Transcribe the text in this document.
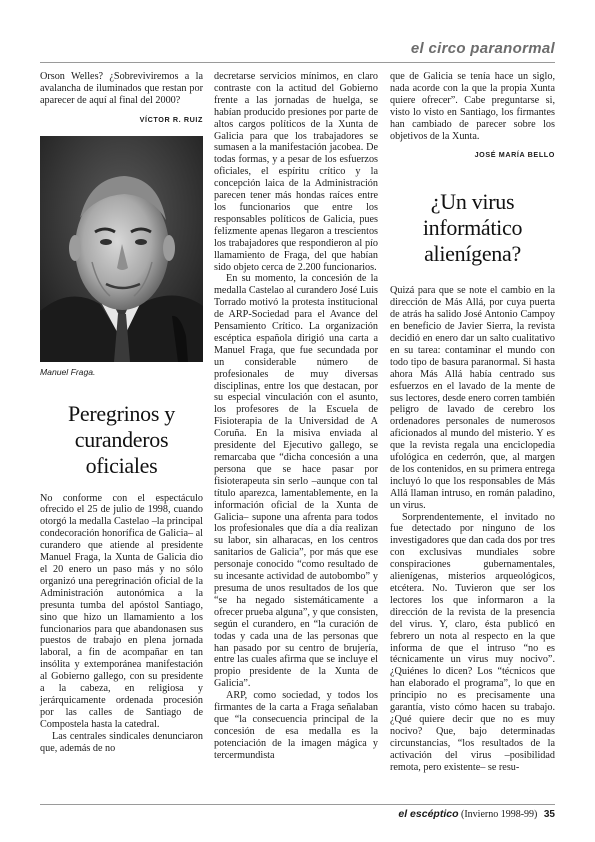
el circo paranormal

Orson Welles? ¿Sobreviviremos a la avalancha de iluminados que restan por aparecer de aquí al final del 2000?

VÍCTOR R. RUIZ
Manuel Fraga.
Peregrinos y curanderos oficiales

No conforme con el espectáculo ofrecido el 25 de julio de 1998, cuando otorgó la medalla Castelao –la principal condecoración honorífica de Galicia– al curandero que atiende al presidente Manuel Fraga, la Xunta de Galicia dio el 20 enero un paso más y no sólo organizó una peregrinación oficial de la Administración autonómica a la presunta tumba del apóstol Santiago, sino que hizo un llamamiento a los funcionarios para que abandonasen sus puestos de trabajo en plena jornada laboral, a fin de acompañar en tan insólita y extemporánea manifestación al Gobierno gallego, con su presidente a la cabeza, en religiosa y jerárquicamente ordenada procesión por las calles de Santiago de Compostela hasta la catedral.

Las centrales sindicales denunciaron que, además de no

decretarse servicios mínimos, en claro contraste con la actitud del Gobierno frente a las jornadas de huelga, se habían producido presiones por parte de altos cargos políticos de la Xunta de Galicia para que los trabajadores se sumasen a la manifestación jacobea. De todas formas, y a pesar de los esfuerzos oficiales, el espíritu crítico y la concepción laica de la Administración parecen tener más hondas raíces entre los funcionarios que entre los responsables políticos de Galicia, pues felizmente apenas llegaron a trescientos los trabajadores que respondieron al pío llamamiento de Fraga, del que habían sido objeto cerca de 2.200 funcionarios.

En su momento, la concesión de la medalla Castelao al curandero José Luis Torrado motivó la protesta institucional de ARP-Sociedad para el Avance del Pensamiento Crítico. La organización escéptica española dirigió una carta a Manuel Fraga, que fue secundada por un considerable número de profesionales de muy diversas disciplinas, entre los que destacan, por su especial vinculación con el asunto, los profesores de la Escuela de Fisioterapia de la Universidad de A Coruña. En la misiva enviada al presidente del Ejecutivo gallego, se remarcaba que “dicha concesión a una persona que se hace pasar por fisioterapeuta sin serlo –aunque con tal título aparezca, lamentablemente, en la información oficial de la Xunta de Galicia– supone una afrenta para todos los profesionales que día a día realizan su labor, sin alharacas, en los centros sanitarios de Galicia”, por más que ese personaje conocido “como resultado de su incesante actividad de autobombo” y presuma de unos resultados de los que “se ha negado sistemáticamente a ofrecer prueba alguna”, y que consisten, según el curandero, en “la curación de todas y cada una de las personas que han pasado por su centro de brujería, entre las cuales afirma que se incluye el propio presidente de la Xunta de Galicia”.

ARP, como sociedad, y todos los firmantes de la carta a Fraga señalaban que “la consecuencia principal de la concesión de esa medalla es la potenciación de la imagen mágica y tercermundista

que de Galicia se tenía hace un siglo, nada acorde con la que la propia Xunta quiere ofrecer”. Cabe preguntarse si, visto lo visto en Santiago, los firmantes han cambiado de parecer sobre los objetivos de la Xunta.

JOSÉ MARÍA BELLO
¿Un virus informático alienígena?

Quizá para que se note el cambio en la dirección de Más Allá, por cuya puerta de atrás ha salido José Antonio Campoy en beneficio de Javier Sierra, la revista decidió en enero dar un salto cualitativo en su tarea: contaminar el mundo con todo tipo de basura paranormal. Si hasta ahora Más Allá había centrado sus esfuerzos en el lavado de la mente de sus lectores, desde enero corren también peligro de lavado de cerebro los ordenadores personales de numerosos aficionados al mundo del misterio. Y es que la revista regala una enciclopedia ufológica en cederrón, que, al margen de los contenidos, en su primera entrega incluyó lo que los responsables de Más Allá llaman intruso, en román paladino, un virus.

Sorprendentemente, el invitado no fue detectado por ninguno de los investigadores que dan cada dos por tres con exclusivas mundiales sobre conspiraciones gubernamentales, alienígenas, misterios arqueológicos, etcétera. No. Tuvieron que ser los lectores los que informaron a la dirección de la revista de la presencia del virus. Y, claro, ésta publicó en febrero un nota al respecto en la que informa de que el intruso “no es técnicamente un virus muy nocivo”. ¿Quiénes lo dicen? Los “técnicos que han elaborado el programa”, lo que en principio no es precisamente una garantía, visto cómo hacen su trabajo. ¿Qué quiere decir que no es muy nocivo? Que, bajo determinadas circunstancias, “los resultados de la activación del virus –posibilidad remota, pero existente– se resu-

el escéptico (Invierno 1998-99) 35
